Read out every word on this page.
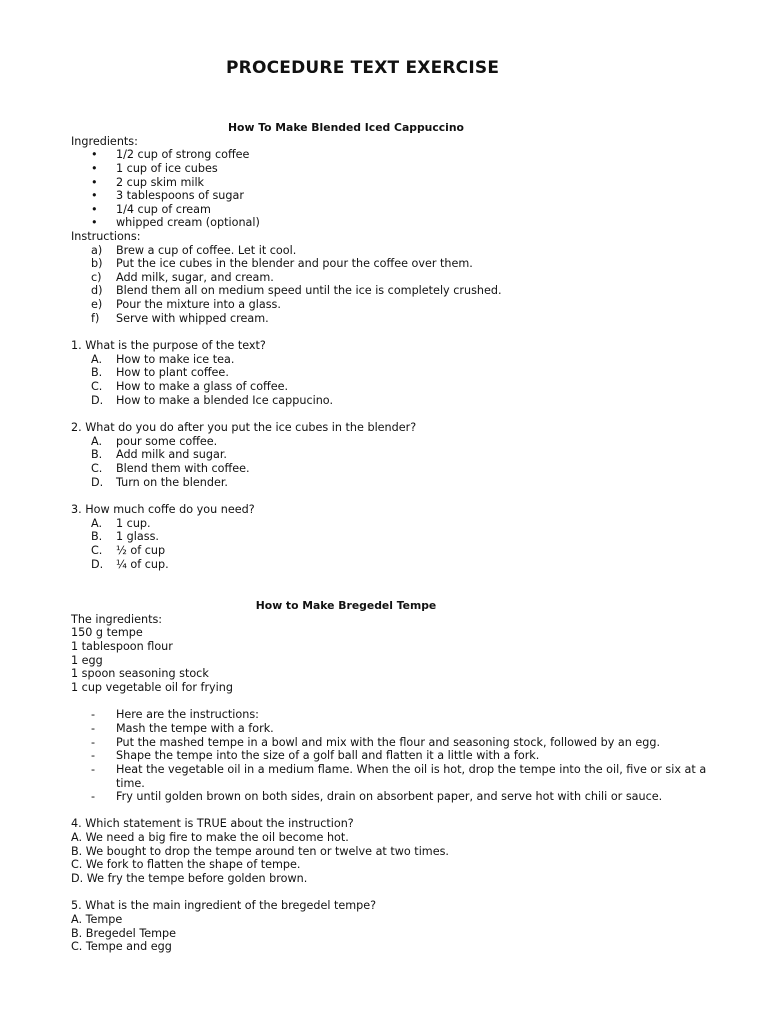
PROCEDURE TEXT EXERCISE
How To Make Blended Iced Cappuccino
Ingredients:
• 1/2 cup of strong coffee
• 1 cup of ice cubes
• 2 cup skim milk
• 3 tablespoons of sugar
• 1/4 cup of cream
• whipped cream (optional)
Instructions:
a) Brew a cup of coffee. Let it cool.
b) Put the ice cubes in the blender and pour the coffee over them.
c) Add milk, sugar, and cream.
d) Blend them all on medium speed until the ice is completely crushed.
e) Pour the mixture into a glass.
f) Serve with whipped cream.
1. What is the purpose of the text?
A. How to make ice tea.
B. How to plant coffee.
C. How to make a glass of coffee.
D. How to make a blended Ice cappucino.
2. What do you do after you put the ice cubes in the blender?
A. pour some coffee.
B. Add milk and sugar.
C. Blend them with coffee.
D. Turn on the blender.
3. How much coffe do you need?
A. 1 cup.
B. 1 glass.
C. ½ of cup
D. ¼ of cup.
How to Make Bregedel Tempe
The ingredients:
150 g tempe
1 tablespoon flour
1 egg
1 spoon seasoning stock
1 cup vegetable oil for frying
- Here are the instructions:
- Mash the tempe with a fork.
- Put the mashed tempe in a bowl and mix with the flour and seasoning stock, followed by an egg.
- Shape the tempe into the size of a golf ball and flatten it a little with a fork.
- Heat the vegetable oil in a medium flame. When the oil is hot, drop the tempe into the oil, five or six at a time.
- Fry until golden brown on both sides, drain on absorbent paper, and serve hot with chili or sauce.
4. Which statement is TRUE about the instruction?
A. We need a big fire to make the oil become hot.
B. We bought to drop the tempe around ten or twelve at two times.
C. We fork to flatten the shape of tempe.
D. We fry the tempe before golden brown.
5. What is the main ingredient of the bregedel tempe?
A. Tempe
B. Bregedel Tempe
C. Tempe and egg
